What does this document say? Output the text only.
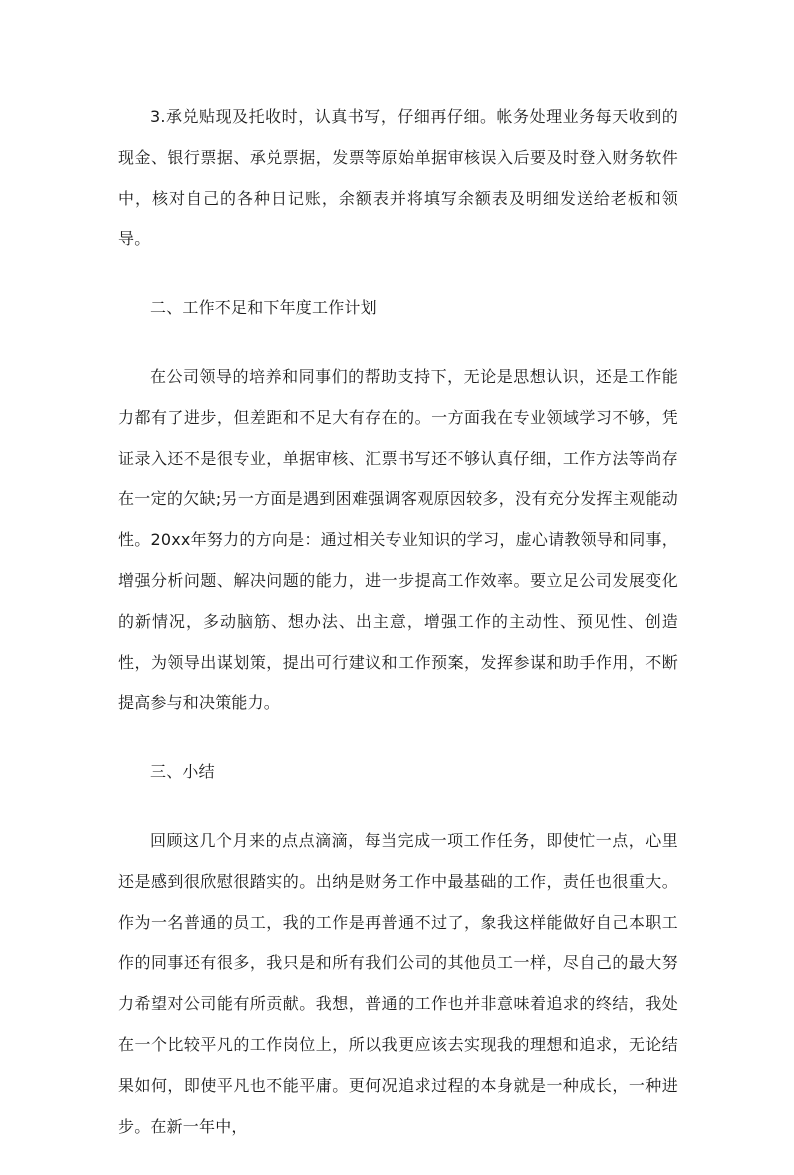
3.承兑贴现及托收时，认真书写，仔细再仔细。帐务处理业务每天收到的现金、银行票据、承兑票据，发票等原始单据审核误入后要及时登入财务软件中，核对自己的各种日记账，余额表并将填写余额表及明细发送给老板和领导。

二、工作不足和下年度工作计划

在公司领导的培养和同事们的帮助支持下，无论是思想认识，还是工作能力都有了进步，但差距和不足大有存在的。一方面我在专业领域学习不够，凭证录入还不是很专业，单据审核、汇票书写还不够认真仔细，工作方法等尚存在一定的欠缺;另一方面是遇到困难强调客观原因较多，没有充分发挥主观能动性。20xx年努力的方向是：通过相关专业知识的学习，虚心请教领导和同事，增强分析问题、解决问题的能力，进一步提高工作效率。要立足公司发展变化的新情况，多动脑筋、想办法、出主意，增强工作的主动性、预见性、创造性，为领导出谋划策，提出可行建议和工作预案，发挥参谋和助手作用，不断提高参与和决策能力。

三、小结

回顾这几个月来的点点滴滴，每当完成一项工作任务，即使忙一点，心里还是感到很欣慰很踏实的。出纳是财务工作中最基础的工作，责任也很重大。作为一名普通的员工，我的工作是再普通不过了，象我这样能做好自己本职工作的同事还有很多，我只是和所有我们公司的其他员工一样，尽自己的最大努力希望对公司能有所贡献。我想，普通的工作也并非意味着追求的终结，我处在一个比较平凡的工作岗位上，所以我更应该去实现我的理想和追求，无论结果如何，即使平凡也不能平庸。更何况追求过程的本身就是一种成长，一种进步。在新一年中，
